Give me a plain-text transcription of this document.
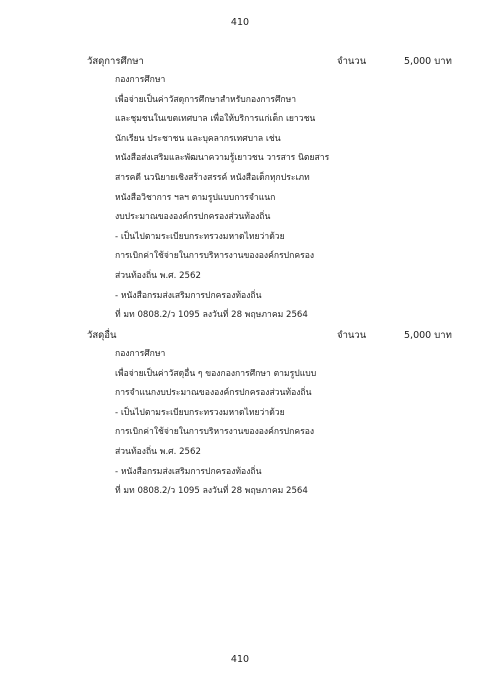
410
วัสดุการศึกษา	จำนวน	5,000 บาท
กองการศึกษา
เพื่อจ่ายเป็นค่าวัสดุการศึกษาสำหรับกองการศึกษา
และชุมชนในเขตเทศบาล เพื่อให้บริการแก่เด็ก เยาวชน
นักเรียน ประชาชน และบุคลากรเทศบาล เช่น
หนังสือส่งเสริมและพัฒนาความรู้เยาวชน วารสาร นิตยสาร
สารคดี นวนิยายเชิงสร้างสรรค์ หนังสือเด็กทุกประเภท
หนังสือวิชาการ ฯลฯ ตามรูปแบบการจำแนก
งบประมาณขององค์กรปกครองส่วนท้องถิ่น
- เป็นไปตามระเบียบกระทรวงมหาดไทยว่าด้วย
การเบิกค่าใช้จ่ายในการบริหารงานขององค์กรปกครอง
ส่วนท้องถิ่น พ.ศ. 2562
- หนังสือกรมส่งเสริมการปกครองท้องถิ่น
ที่ มท 0808.2/ว 1095 ลงวันที่ 28 พฤษภาคม 2564
วัสดุอื่น	จำนวน	5,000 บาท
กองการศึกษา
เพื่อจ่ายเป็นค่าวัสดุอื่น ๆ ของกองการศึกษา ตามรูปแบบ
การจำแนกงบประมาณขององค์กรปกครองส่วนท้องถิ่น
- เป็นไปตามระเบียบกระทรวงมหาดไทยว่าด้วย
การเบิกค่าใช้จ่ายในการบริหารงานขององค์กรปกครอง
ส่วนท้องถิ่น พ.ศ. 2562
- หนังสือกรมส่งเสริมการปกครองท้องถิ่น
ที่ มท 0808.2/ว 1095 ลงวันที่ 28 พฤษภาคม 2564
410
